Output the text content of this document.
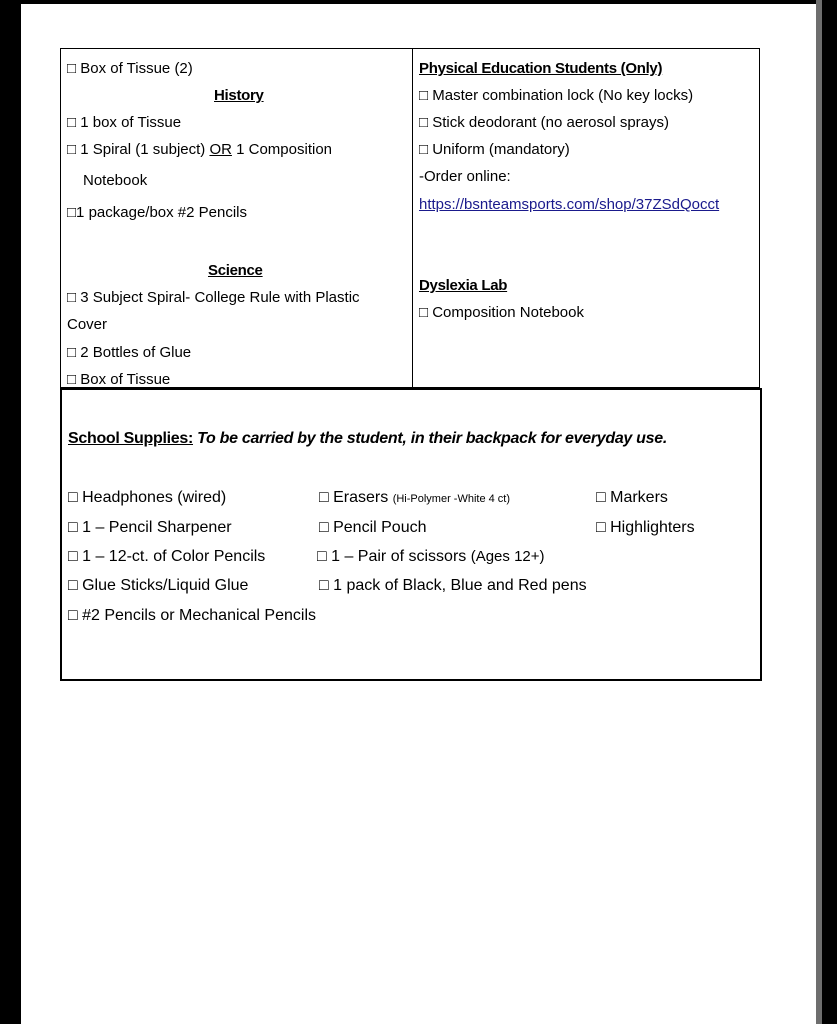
□ Box of Tissue (2)
History
□ 1 box of Tissue
□ 1 Spiral (1 subject) OR 1 Composition
Notebook
□1 package/box #2 Pencils
Science
□ 3 Subject Spiral- College Rule with Plastic
Cover
□ 2 Bottles of Glue
□ Box of Tissue
Physical Education Students (Only)
□ Master combination lock (No key locks)
□ Stick deodorant (no aerosol sprays)
□ Uniform (mandatory)
-Order online:
https://bsnteamsports.com/shop/37ZSdQocct
Dyslexia Lab
□ Composition Notebook
School Supplies: To be carried by the student, in their backpack for everyday use.
□ Headphones (wired)
□ 1 – Pencil Sharpener
□ 1 – 12-ct. of Color Pencils
□ Glue Sticks/Liquid Glue
□ #2 Pencils or Mechanical Pencils
□ Erasers (Hi-Polymer -White 4 ct)
□ Pencil Pouch
□ 1 – Pair of scissors (Ages 12+)
□ 1 pack of Black, Blue and Red pens
□ Markers
□ Highlighters
